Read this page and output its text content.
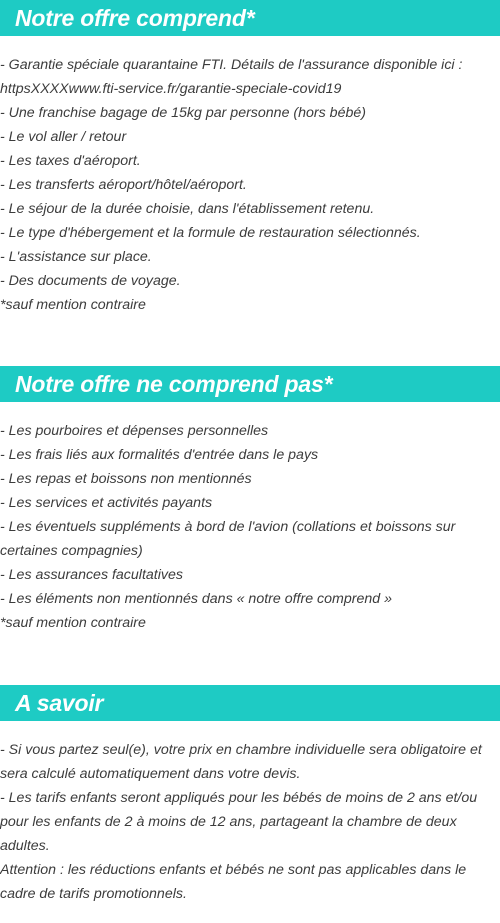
Notre offre comprend*

- Garantie spéciale quarantaine FTI. Détails de l'assurance disponible ici : httpsXXXXwww.fti-service.fr/garantie-speciale-covid19

- Une franchise bagage de 15kg par personne (hors bébé)

- Le vol aller / retour

- Les taxes d'aéroport.

- Les transferts aéroport/hôtel/aéroport.

- Le séjour de la durée choisie, dans l'établissement retenu.

- Le type d'hébergement et la formule de restauration sélectionnés.

- L'assistance sur place.

- Des documents de voyage.

*sauf mention contraire

Notre offre ne comprend pas*

- Les pourboires et dépenses personnelles

- Les frais liés aux formalités d'entrée dans le pays

- Les repas et boissons non mentionnés

- Les services et activités payants

- Les éventuels suppléments à bord de l'avion (collations et boissons sur certaines compagnies)

- Les assurances facultatives

- Les éléments non mentionnés dans « notre offre comprend »

*sauf mention contraire

A savoir

- Si vous partez seul(e), votre prix en chambre individuelle sera obligatoire et sera calculé automatiquement dans votre devis.

- Les tarifs enfants seront appliqués pour les bébés de moins de 2 ans et/ou pour les enfants de 2 à moins de 12 ans, partageant la chambre de deux adultes.

Attention : les réductions enfants et bébés ne sont pas applicables dans le cadre de tarifs promotionnels.
